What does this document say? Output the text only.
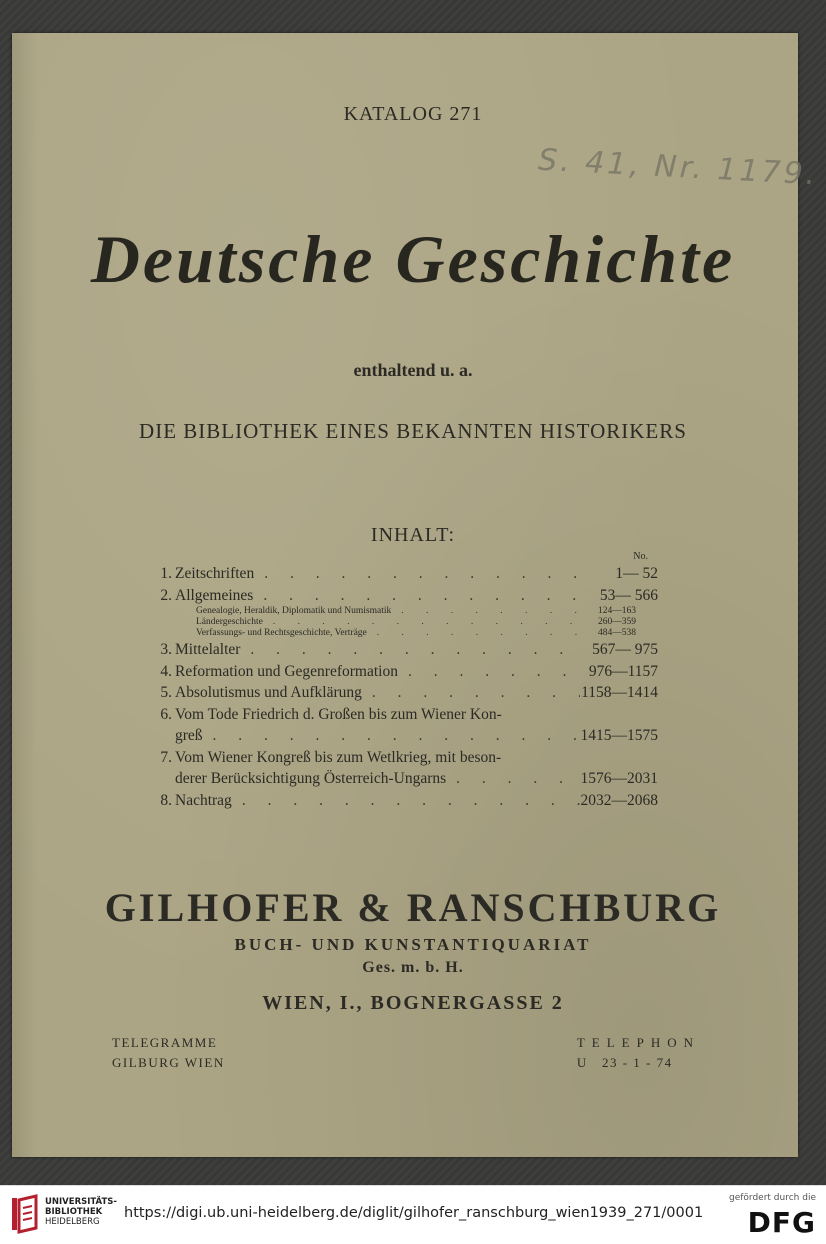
KATALOG 271
S. 41, Nr. 1179.
Deutsche Geschichte
enthaltend u. a.
DIE BIBLIOTHEK EINES BEKANNTEN HISTORIKERS
INHALT:
No.
1. Zeitschriften . . .	1— 52
2. Allgemeines . . .	53— 566
Genealogie, Heraldik, Diplomatik und Numismatik . . .	124—163
Ländergeschichte . . .	260—359
Verfassungs- und Rechtsgeschichte, Verträge . . .	484—538
3. Mittelalter . . .	567— 975
4. Reformation und Gegenreformation . . .	976—1157
5. Absolutismus und Aufklärung . . .	1158—1414
6. Vom Tode Friedrich d. Großen bis zum Wiener Kon-
greß . . .	1415—1575
7. Vom Wiener Kongreß bis zum Wetlkrieg, mit beson-
derer Berücksichtigung Österreich-Ungarns . . .	1576—2031
8. Nachtrag . . .	2032—2068
GILHOFER & RANSCHBURG
BUCH- UND KUNSTANTIQUARIAT
Ges. m. b. H.
WIEN, I., BOGNERGASSE 2
TELEGRAMME
GILBURG WIEN
TELEPHON
U   23 - 1 - 74
UNIVERSITÄTS-
BIBLIOTHEK
HEIDELBERG
https://digi.ub.uni-heidelberg.de/diglit/gilhofer_ranschburg_wien1939_271/0001
gefördert durch die
DFG
